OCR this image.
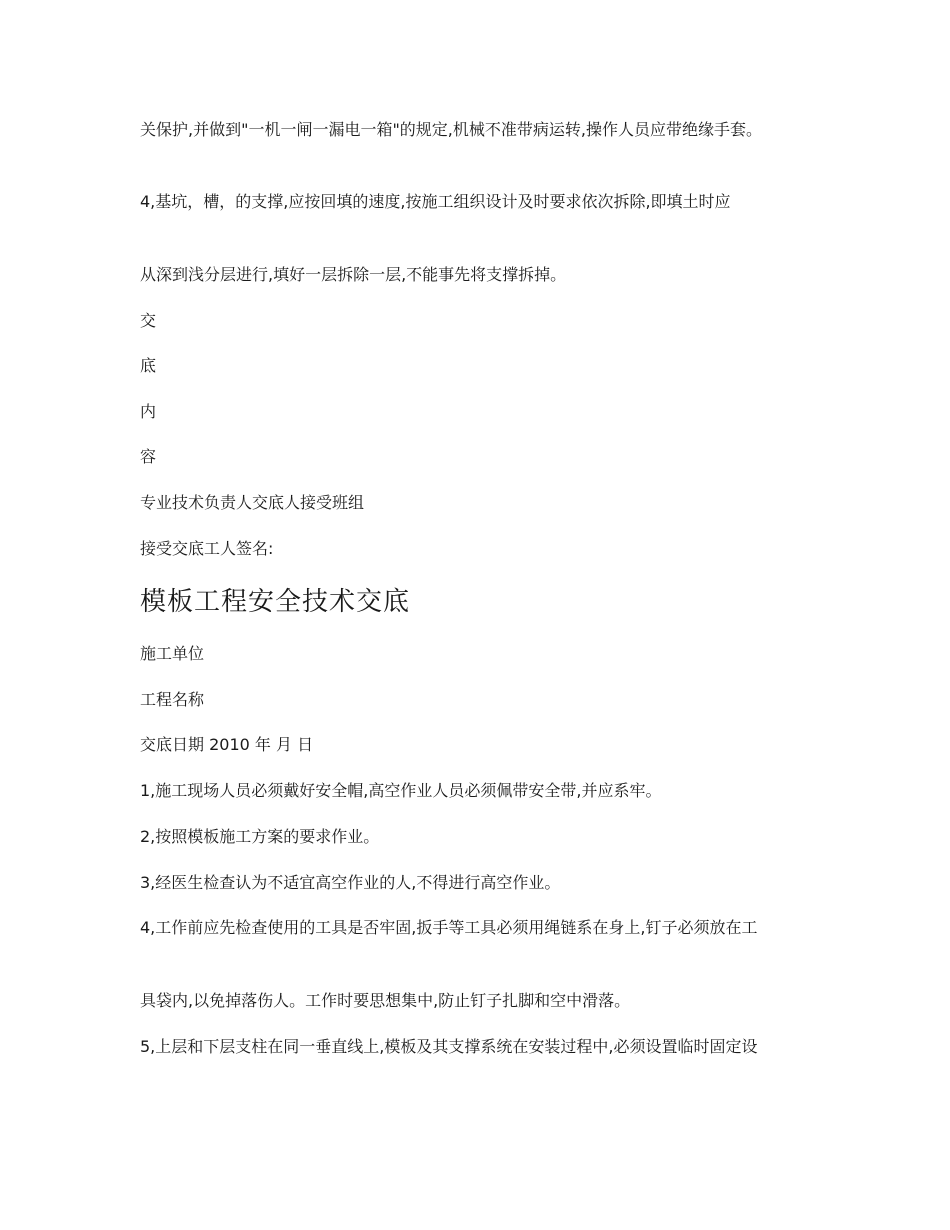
关保护,并做到"一机一闸一漏电一箱"的规定,机械不准带病运转,操作人员应带绝缘手套。

4,基坑，槽，的支撑,应按回填的速度,按施工组织设计及时要求依次拆除,即填土时应

从深到浅分层进行,填好一层拆除一层,不能事先将支撑拆掉。

交

底

内

容

专业技术负责人交底人接受班组

接受交底工人签名:

模板工程安全技术交底

施工单位

工程名称

交底日期 2010 年 月 日

1,施工现场人员必须戴好安全帽,高空作业人员必须佩带安全带,并应系牢。

2,按照模板施工方案的要求作业。

3,经医生检查认为不适宜高空作业的人,不得进行高空作业。

4,工作前应先检查使用的工具是否牢固,扳手等工具必须用绳链系在身上,钉子必须放在工

具袋内,以免掉落伤人。工作时要思想集中,防止钉子扎脚和空中滑落。

5,上层和下层支柱在同一垂直线上,模板及其支撑系统在安装过程中,必须设置临时固定设
